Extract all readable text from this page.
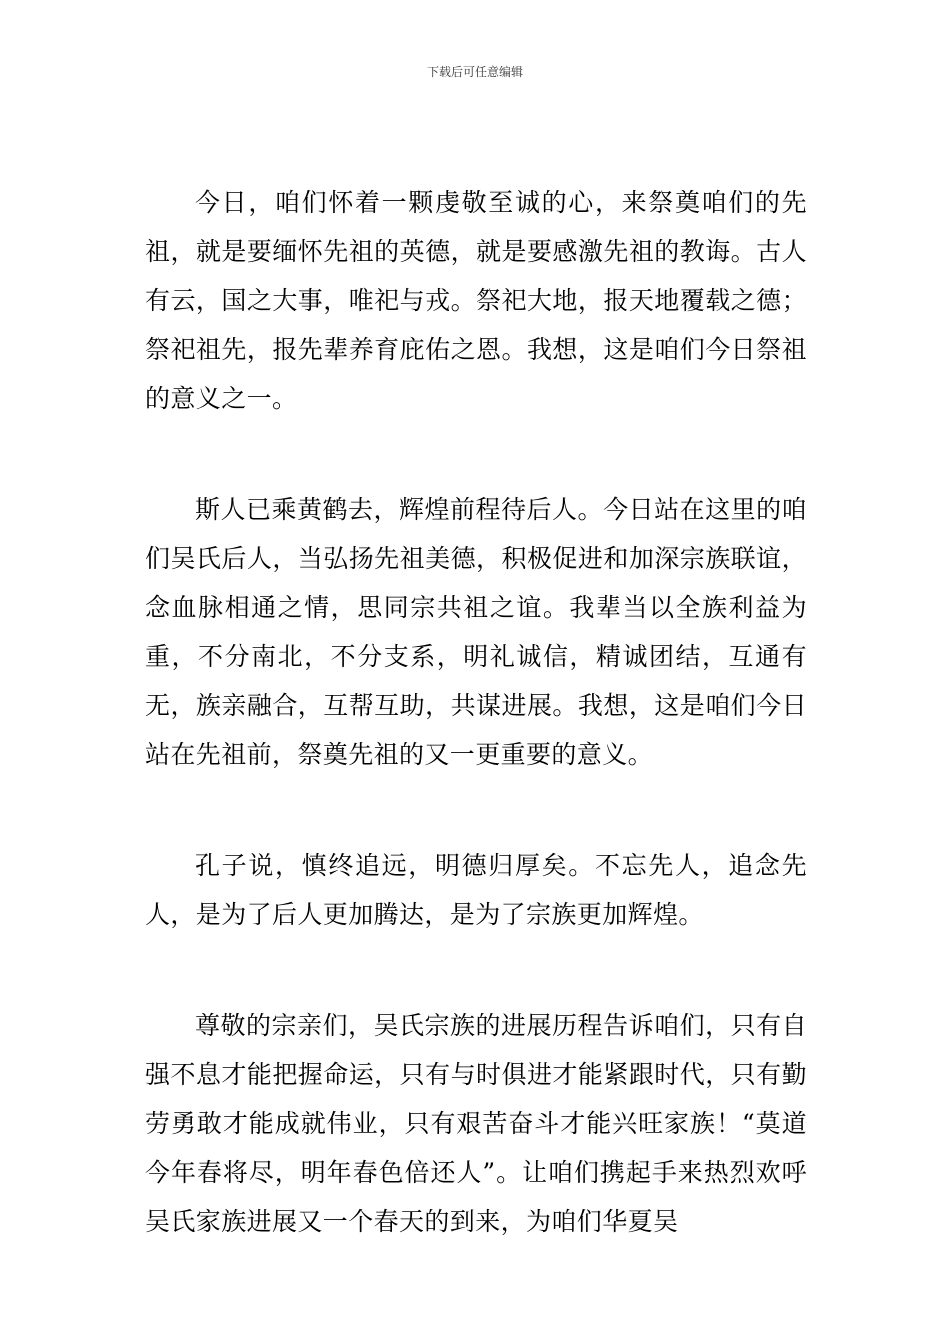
下载后可任意编辑

今日，咱们怀着一颗虔敬至诚的心，来祭奠咱们的先祖，就是要缅怀先祖的英德，就是要感激先祖的教诲。古人有云，国之大事，唯祀与戎。祭祀大地，报天地覆载之德；祭祀祖先，报先辈养育庇佑之恩。我想，这是咱们今日祭祖的意义之一。

斯人已乘黄鹤去，辉煌前程待后人。今日站在这里的咱们吴氏后人，当弘扬先祖美德，积极促进和加深宗族联谊，念血脉相通之情，思同宗共祖之谊。我辈当以全族利益为重，不分南北，不分支系，明礼诚信，精诚团结，互通有无，族亲融合，互帮互助，共谋进展。我想，这是咱们今日站在先祖前，祭奠先祖的又一更重要的意义。

孔子说，慎终追远，明德归厚矣。不忘先人，追念先人，是为了后人更加腾达，是为了宗族更加辉煌。

尊敬的宗亲们，吴氏宗族的进展历程告诉咱们，只有自强不息才能把握命运，只有与时俱进才能紧跟时代，只有勤劳勇敢才能成就伟业，只有艰苦奋斗才能兴旺家族！“莫道今年春将尽，明年春色倍还人”。让咱们携起手来热烈欢呼吴氏家族进展又一个春天的到来，为咱们华夏吴
